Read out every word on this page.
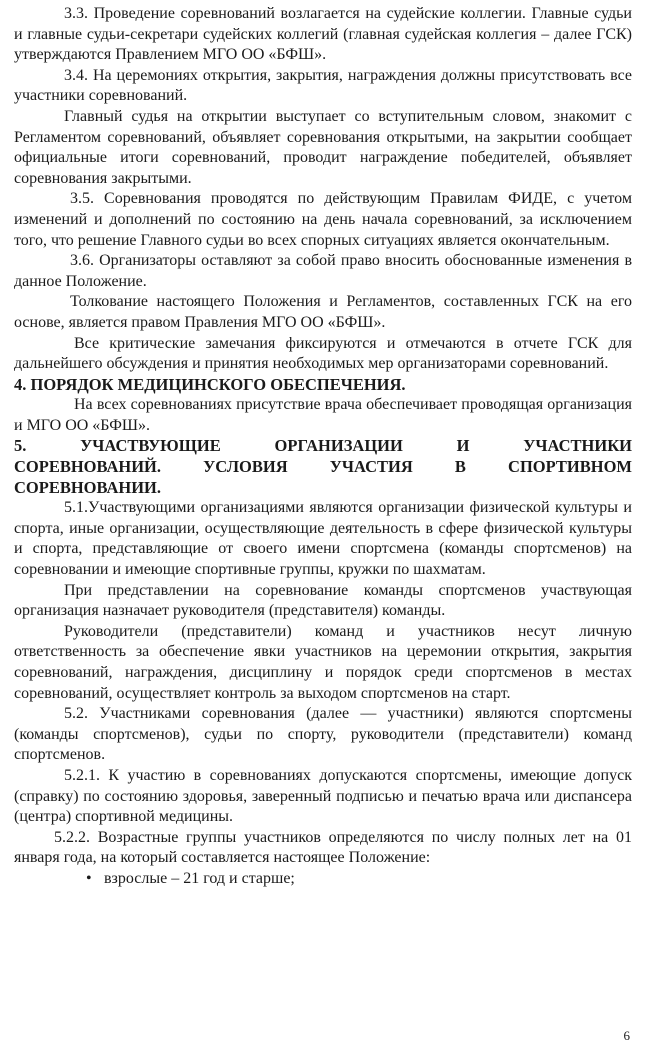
3.3. Проведение соревнований возлагается на судейские коллегии. Главные судьи и главные судьи-секретари судейских коллегий (главная судейская коллегия – далее ГСК) утверждаются Правлением МГО ОО «БФШ».

3.4. На церемониях открытия, закрытия, награждения должны присутствовать все участники соревнований.

Главный судья на открытии выступает со вступительным словом, знакомит с Регламентом соревнований, объявляет соревнования открытыми, на закрытии сообщает официальные итоги соревнований, проводит награждение победителей, объявляет соревнования закрытыми.

3.5. Соревнования проводятся по действующим Правилам ФИДЕ, с учетом изменений и дополнений по состоянию на день начала соревнований, за исключением того, что решение Главного судьи во всех спорных ситуациях является окончательным.

3.6. Организаторы оставляют за собой право вносить обоснованные изменения в данное Положение.

Толкование настоящего Положения и Регламентов, составленных ГСК на его основе, является правом Правления МГО ОО «БФШ».

Все критические замечания фиксируются и отмечаются в отчете ГСК для дальнейшего обсуждения и принятия необходимых мер организаторами соревнований.

4. ПОРЯДОК МЕДИЦИНСКОГО ОБЕСПЕЧЕНИЯ.

На всех соревнованиях присутствие врача обеспечивает проводящая организация и МГО ОО «БФШ».

5. УЧАСТВУЮЩИЕ ОРГАНИЗАЦИИ И УЧАСТНИКИ
СОРЕВНОВАНИЙ. УСЛОВИЯ УЧАСТИЯ В СПОРТИВНОМ
СОРЕВНОВАНИИ.

5.1.Участвующими организациями являются организации физической культуры и спорта, иные организации, осуществляющие деятельность в сфере физической культуры и спорта, представляющие от своего имени спортсмена (команды спортсменов) на соревновании и имеющие спортивные группы, кружки по шахматам.

При представлении на соревнование команды спортсменов участвующая организация назначает руководителя (представителя) команды.

Руководители (представители) команд и участников несут личную ответственность за обеспечение явки участников на церемонии открытия, закрытия соревнований, награждения, дисциплину и порядок среди спортсменов в местах соревнований, осуществляет контроль за выходом спортсменов на старт.

5.2. Участниками соревнования (далее — участники) являются спортсмены (команды спортсменов), судьи по спорту, руководители (представители) команд спортсменов.

5.2.1. К участию в соревнованиях допускаются спортсмены, имеющие допуск (справку) по состоянию здоровья, заверенный подписью и печатью врача или диспансера (центра) спортивной медицины.

5.2.2. Возрастные группы участников определяются по числу полных лет на 01 января года, на который составляется настоящее Положение:

• взрослые – 21 год и старше;
6
